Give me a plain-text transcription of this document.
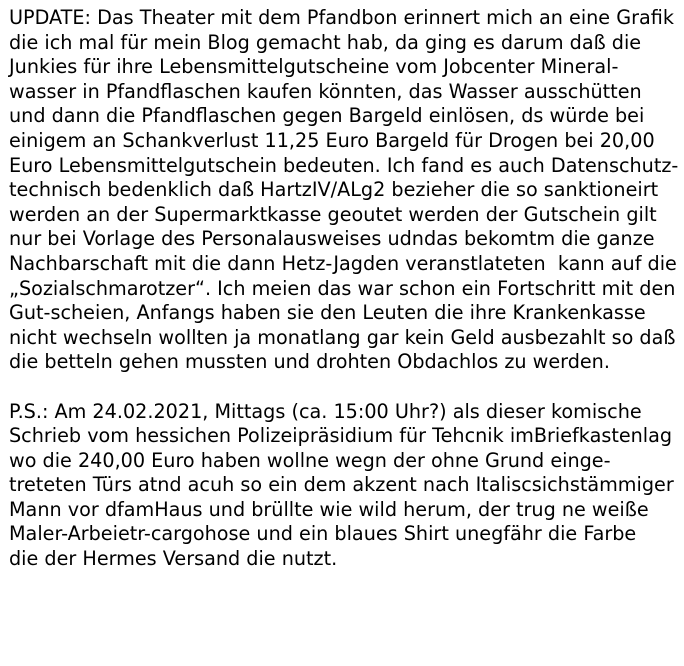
UPDATE: Das Theater mit dem Pfandbon erinnert mich an eine Grafik
die ich mal für mein Blog gemacht hab, da ging es darum daß die
Junkies für ihre Lebensmittelgutscheine vom Jobcenter Mineral-
wasser in Pfandflaschen kaufen könnten, das Wasser ausschütten
und dann die Pfandflaschen gegen Bargeld einlösen, ds würde bei
einigem an Schankverlust 11,25 Euro Bargeld für Drogen bei 20,00
Euro Lebensmittelgutschein bedeuten. Ich fand es auch Datenschutz-
technisch bedenklich daß HartzIV/ALg2 bezieher die so sanktioneirt
werden an der Supermarktkasse geoutet werden der Gutschein gilt
nur bei Vorlage des Personalausweises udndas bekomtm die ganze
Nachbarschaft mit die dann Hetz-Jagden veranstlateten  kann auf die
„Sozialschmarotzer“. Ich meien das war schon ein Fortschritt mit den
Gut-scheien, Anfangs haben sie den Leuten die ihre Krankenkasse
nicht wechseln wollten ja monatlang gar kein Geld ausbezahlt so daß
die betteln gehen mussten und drohten Obdachlos zu werden.
P.S.: Am 24.02.2021, Mittags (ca. 15:00 Uhr?) als dieser komische
Schrieb vom hessichen Polizeipräsidium für Tehcnik imBriefkastenlag
wo die 240,00 Euro haben wollne wegn der ohne Grund einge-
treteten Türs atnd acuh so ein dem akzent nach Italiscsichstämmiger
Mann vor dfamHaus und brüllte wie wild herum, der trug ne weiße
Maler-Arbeietr-cargohose und ein blaues Shirt unegfähr die Farbe
die der Hermes Versand die nutzt.
